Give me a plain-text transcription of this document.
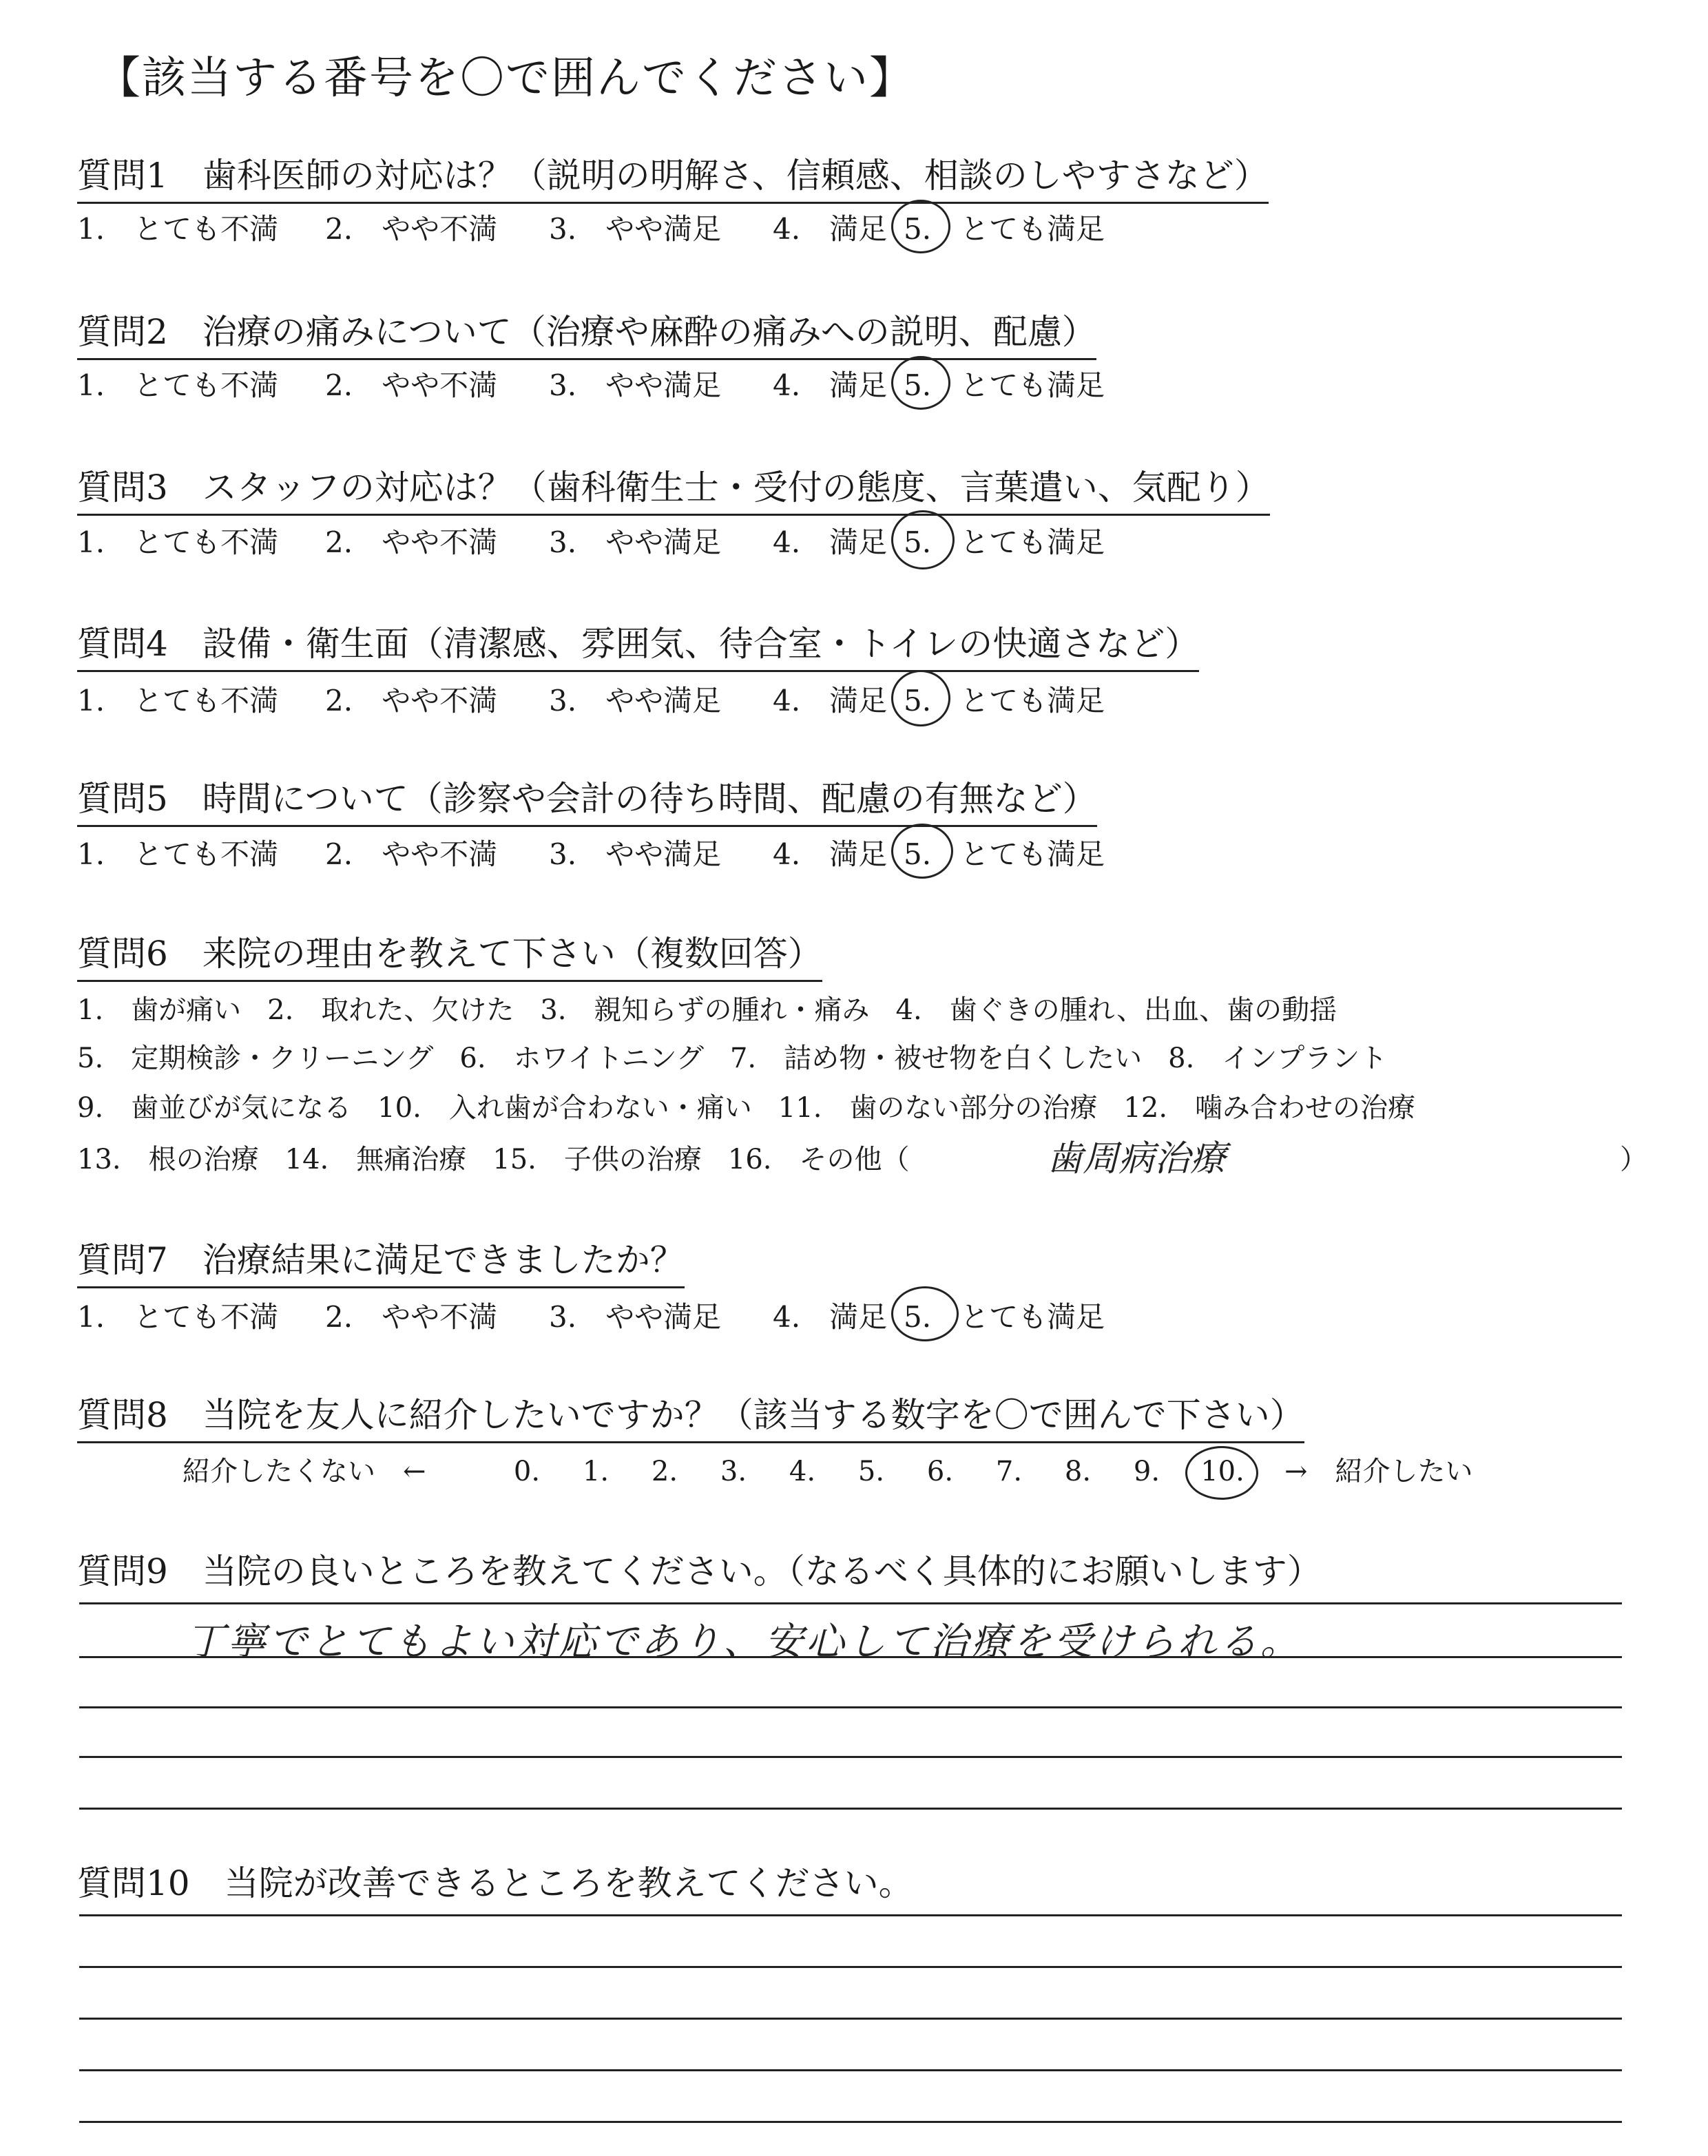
【該当する番号を〇で囲んでください】
質問1　歯科医師の対応は？（説明の明解さ、信頼感、相談のしやすさなど）
1.　とても不満 2.　やや不満 3.　やや満足 4.　満足 5.　とても満足
質問2　治療の痛みについて（治療や麻酔の痛みへの説明、配慮）
1.　とても不満 2.　やや不満 3.　やや満足 4.　満足 5.　とても満足
質問3　スタッフの対応は？（歯科衛生士・受付の態度、言葉遣い、気配り）
1.　とても不満 2.　やや不満 3.　やや満足 4.　満足 5.　とても満足
質問4　設備・衛生面（清潔感、雰囲気、待合室・トイレの快適さなど）
1.　とても不満 2.　やや不満 3.　やや満足 4.　満足 5.　とても満足
質問5　時間について（診察や会計の待ち時間、配慮の有無など）
1.　とても不満 2.　やや不満 3.　やや満足 4.　満足 5.　とても満足
質問6　来院の理由を教えて下さい（複数回答）
1.　歯が痛い 2.　取れた、欠けた 3.　親知らずの腫れ・痛み 4.　歯ぐきの腫れ、出血、歯の動揺
5.　定期検診・クリーニング 6.　ホワイトニング 7.　詰め物・被せ物を白くしたい 8.　インプラント
9.　歯並びが気になる 10.　入れ歯が合わない・痛い 11.　歯のない部分の治療 12.　噛み合わせの治療
13.　根の治療 14.　無痛治療 15.　子供の治療 16.　その他（	歯周病治療	）
質問7　治療結果に満足できましたか？
1.　とても不満 2.　やや不満 3.　やや満足 4.　満足 5.　とても満足
質問8　当院を友人に紹介したいですか？（該当する数字を〇で囲んで下さい）
紹介したくない　←	0. 1. 2. 3. 4. 5. 6. 7. 8. 9. 10. →　紹介したい
質問9　当院の良いところを教えてください。（なるべく具体的にお願いします）
丁寧でとてもよい対応であり、安心して治療を受けられる。
質問10　当院が改善できるところを教えてください。
